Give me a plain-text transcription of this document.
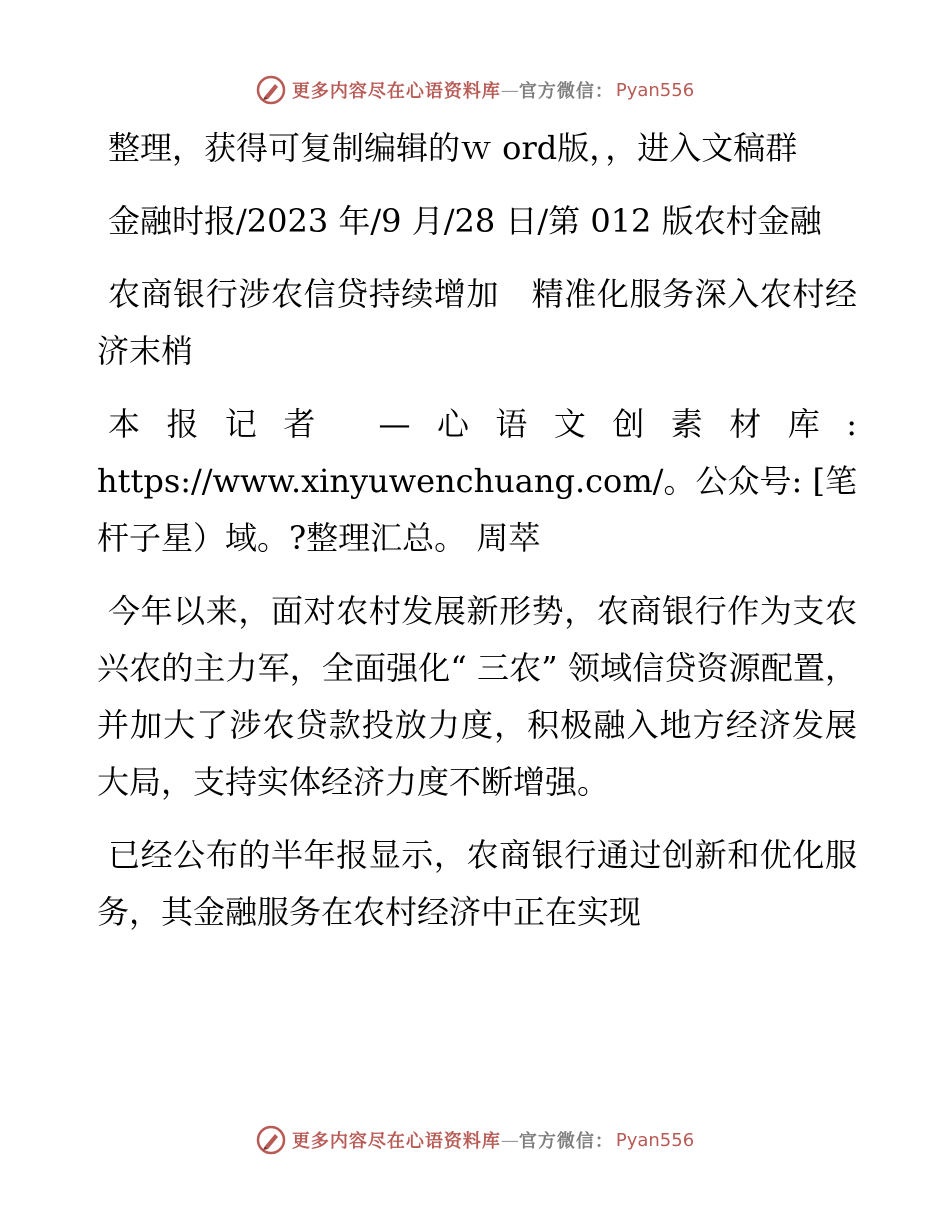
更多内容尽在心语资料库 — 官方微信： Pyan556

整理，获得可复制编辑的ｗ ord版，，进入文稿群

金融时报/2023 年/9 月/28 日/第 012 版农村金融

农商银行涉农信贷持续增加　精准化服务深入农村经济末梢

本报记者 —心语文创素材库: https://www.xinyuwenchuang.com/。公众号: [笔杆子星）域。?整理汇总。 周萃

今年以来，面对农村发展新形势，农商银行作为支农兴农的主力军，全面强化“ 三农” 领域信贷资源配置，并加大了涉农贷款投放力度，积极融入地方经济发展大局，支持实体经济力度不断增强。

已经公布的半年报显示，农商银行通过创新和优化服务，其金融服务在农村经济中正在实现

更多内容尽在心语资料库 — 官方微信： Pyan556
